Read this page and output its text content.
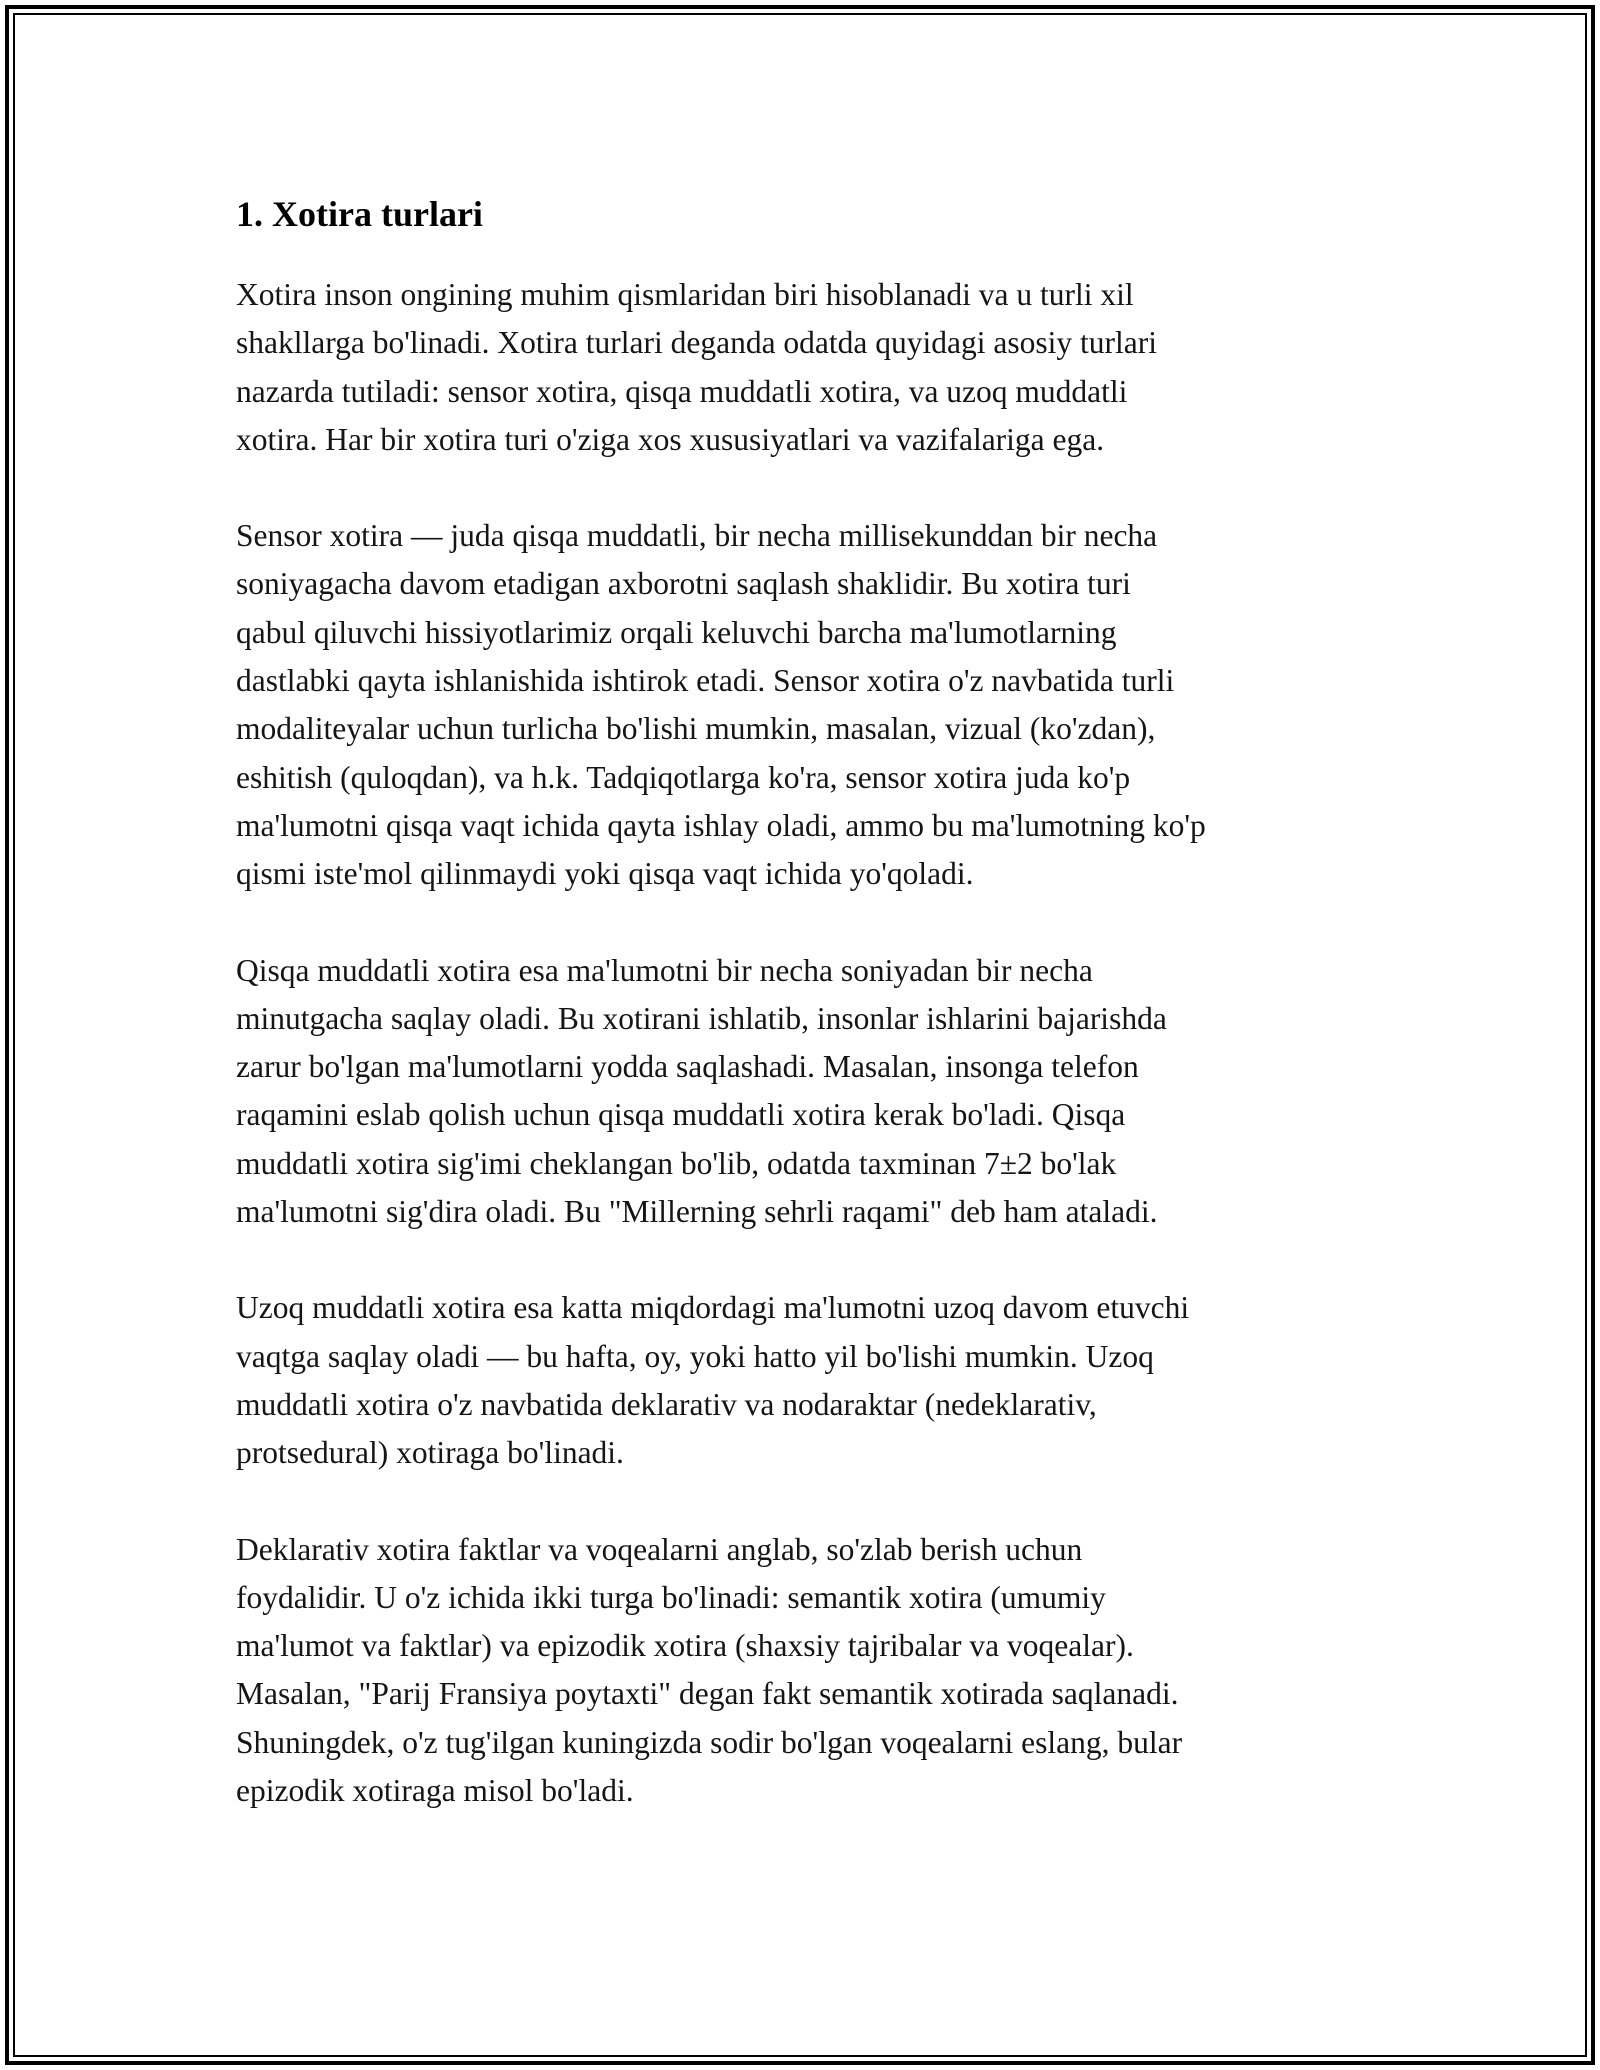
1. Xotira turlari

Xotira inson ongining muhim qismlaridan biri hisoblanadi va u turli xil
shakllarga bo'linadi. Xotira turlari deganda odatda quyidagi asosiy turlari
nazarda tutiladi: sensor xotira, qisqa muddatli xotira, va uzoq muddatli
xotira. Har bir xotira turi o'ziga xos xususiyatlari va vazifalariga ega.

Sensor xotira — juda qisqa muddatli, bir necha millisekunddan bir necha
soniyagacha davom etadigan axborotni saqlash shaklidir. Bu xotira turi
qabul qiluvchi hissiyotlarimiz orqali keluvchi barcha ma'lumotlarning
dastlabki qayta ishlanishida ishtirok etadi. Sensor xotira o'z navbatida turli
modaliteyalar uchun turlicha bo'lishi mumkin, masalan, vizual (ko'zdan),
eshitish (quloqdan), va h.k. Tadqiqotlarga ko'ra, sensor xotira juda ko'p
ma'lumotni qisqa vaqt ichida qayta ishlay oladi, ammo bu ma'lumotning ko'p
qismi iste'mol qilinmaydi yoki qisqa vaqt ichida yo'qoladi.

Qisqa muddatli xotira esa ma'lumotni bir necha soniyadan bir necha
minutgacha saqlay oladi. Bu xotirani ishlatib, insonlar ishlarini bajarishda
zarur bo'lgan ma'lumotlarni yodda saqlashadi. Masalan, insonga telefon
raqamini eslab qolish uchun qisqa muddatli xotira kerak bo'ladi. Qisqa
muddatli xotira sig'imi cheklangan bo'lib, odatda taxminan 7±2 bo'lak
ma'lumotni sig'dira oladi. Bu "Millerning sehrli raqami" deb ham ataladi.

Uzoq muddatli xotira esa katta miqdordagi ma'lumotni uzoq davom etuvchi
vaqtga saqlay oladi — bu hafta, oy, yoki hatto yil bo'lishi mumkin. Uzoq
muddatli xotira o'z navbatida deklarativ va nodaraktar (nedeklarativ,
protsedural) xotiraga bo'linadi.

Deklarativ xotira faktlar va voqealarni anglab, so'zlab berish uchun
foydalidir. U o'z ichida ikki turga bo'linadi: semantik xotira (umumiy
ma'lumot va faktlar) va epizodik xotira (shaxsiy tajribalar va voqealar).
Masalan, "Parij Fransiya poytaxti" degan fakt semantik xotirada saqlanadi.
Shuningdek, o'z tug'ilgan kuningizda sodir bo'lgan voqealarni eslang, bular
epizodik xotiraga misol bo'ladi.
